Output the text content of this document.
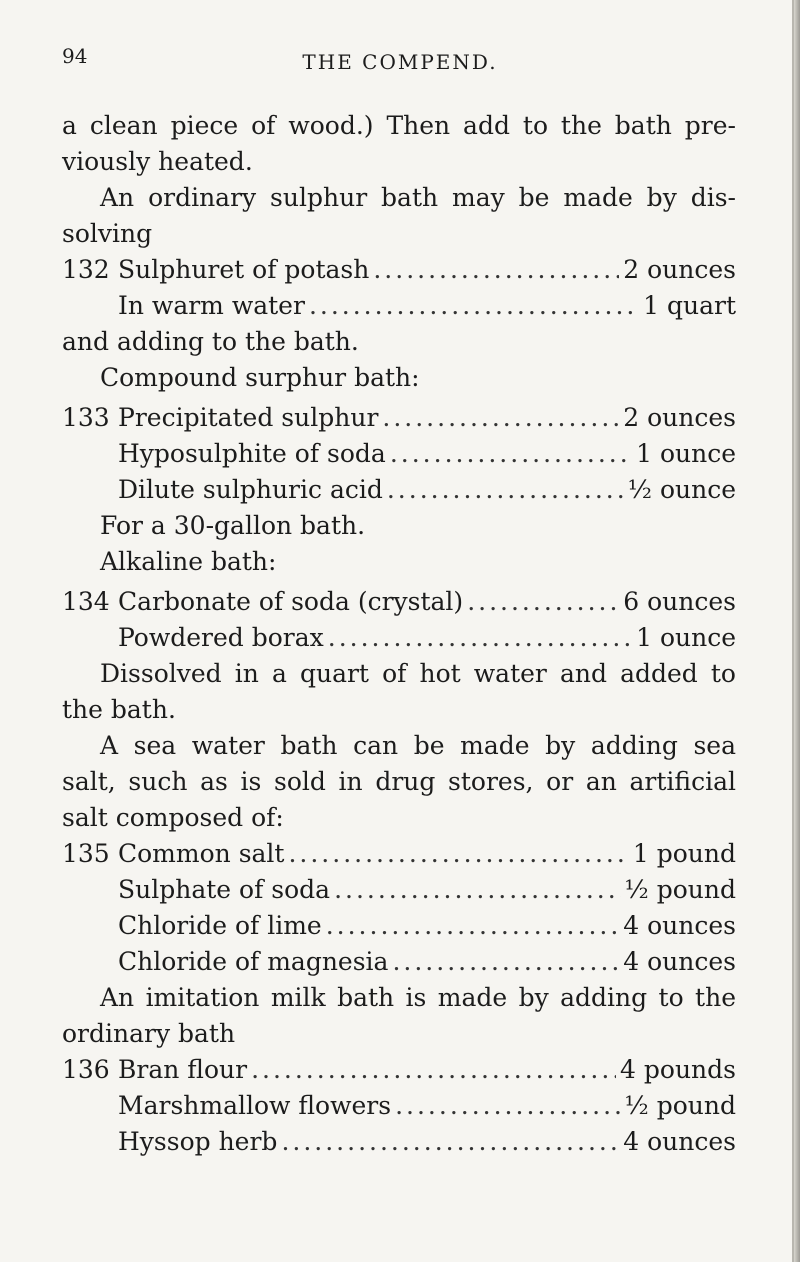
94	THE COMPEND.
a clean piece of wood.) Then add to the bath pre-
viously heated.
An ordinary sulphur bath may be made by dis-
solving
132 Sulphuret of potash .....	2 ounces
In warm water .....	1 quart
and adding to the bath.
Compound surphur bath:
133 Precipitated sulphur .....	2 ounces
Hyposulphite of soda .....	1 ounce
Dilute sulphuric acid .....	½ ounce
For a 30-gallon bath.
Alkaline bath:
134 Carbonate of soda (crystal) .....	6 ounces
Powdered borax .....	1 ounce
Dissolved in a quart of hot water and added to
the bath.
A sea water bath can be made by adding sea
salt, such as is sold in drug stores, or an artificial
salt composed of:
135 Common salt .....	1 pound
Sulphate of soda .....	½ pound
Chloride of lime .....	4 ounces
Chloride of magnesia .....	4 ounces
An imitation milk bath is made by adding to the
ordinary bath
136 Bran flour .....	4 pounds
Marshmallow flowers .....	½ pound
Hyssop herb .....	4 ounces
